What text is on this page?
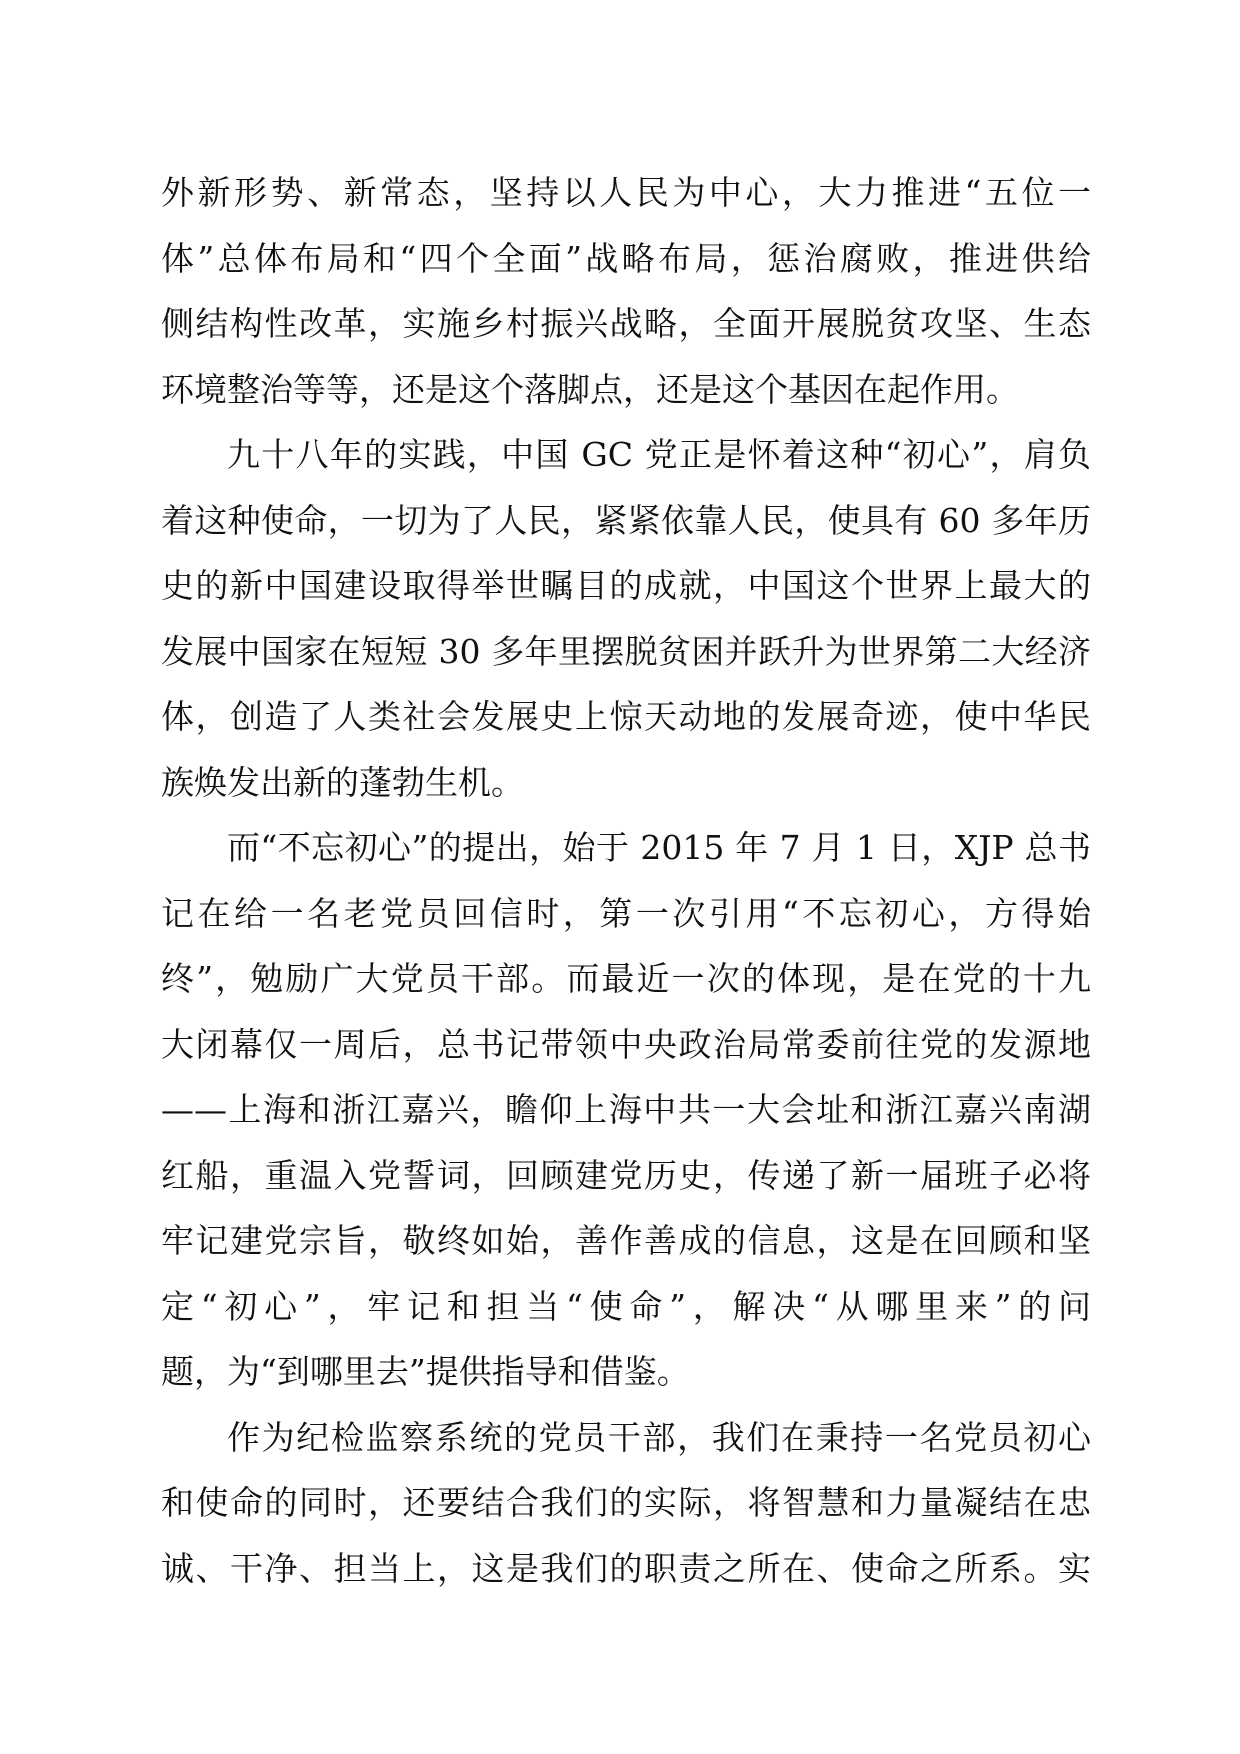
外新形势、新常态，坚持以人民为中心，大力推进“五位一
体”总体布局和“四个全面”战略布局，惩治腐败，推进供给
侧结构性改革，实施乡村振兴战略，全面开展脱贫攻坚、生态
环境整治等等，还是这个落脚点，还是这个基因在起作用。
九十八年的实践，中国 GC 党正是怀着这种“初心”，肩负
着这种使命，一切为了人民，紧紧依靠人民，使具有 60 多年历
史的新中国建设取得举世瞩目的成就，中国这个世界上最大的
发展中国家在短短 30 多年里摆脱贫困并跃升为世界第二大经济
体，创造了人类社会发展史上惊天动地的发展奇迹，使中华民
族焕发出新的蓬勃生机。
而“不忘初心”的提出，始于 2015 年 7 月 1 日，XJP 总书
记在给一名老党员回信时，第一次引用“不忘初心，方得始
终”，勉励广大党员干部。而最近一次的体现，是在党的十九
大闭幕仅一周后，总书记带领中央政治局常委前往党的发源地
——上海和浙江嘉兴，瞻仰上海中共一大会址和浙江嘉兴南湖
红船，重温入党誓词，回顾建党历史，传递了新一届班子必将
牢记建党宗旨，敬终如始，善作善成的信息，这是在回顾和坚
定“初心”，牢记和担当“使命”，解决“从哪里来”的问
题，为“到哪里去”提供指导和借鉴。
作为纪检监察系统的党员干部，我们在秉持一名党员初心
和使命的同时，还要结合我们的实际，将智慧和力量凝结在忠
诚、干净、担当上，这是我们的职责之所在、使命之所系。实
